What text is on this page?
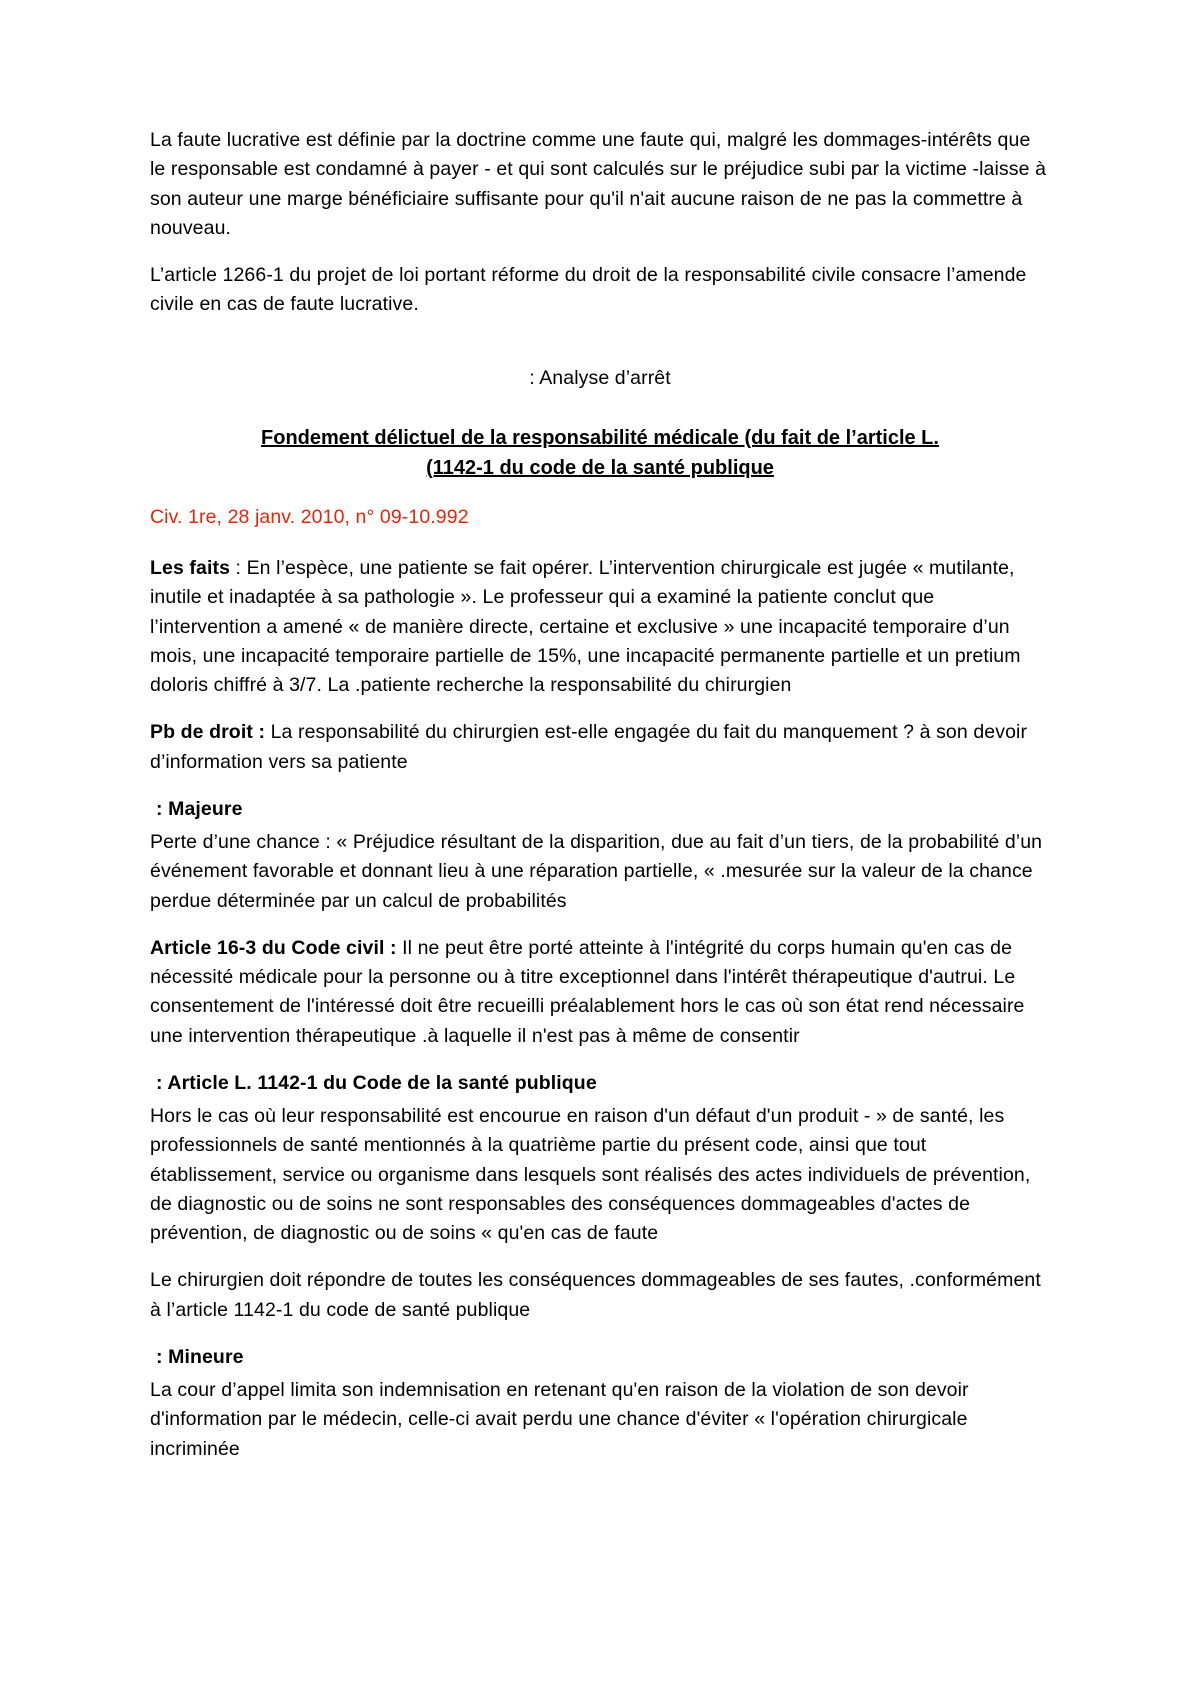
La faute lucrative est définie par la doctrine comme une faute qui, malgré les dommages-intérêts que le responsable est condamné à payer - et qui sont calculés sur le préjudice subi par la victime -laisse à son auteur une marge bénéficiaire suffisante pour qu'il n'ait aucune raison de ne pas la commettre à nouveau.

L’article 1266-1 du projet de loi portant réforme du droit de la responsabilité civile consacre l’amende civile en cas de faute lucrative.

: Analyse d’arrêt

Fondement délictuel de la responsabilité médicale (du fait de l’article L.
(1142-1 du code de la santé publique

Civ. 1re, 28 janv. 2010, n° 09-10.992

Les faits : En l’espèce, une patiente se fait opérer. L’intervention chirurgicale est jugée « mutilante, inutile et inadaptée à sa pathologie ». Le professeur qui a examiné la patiente conclut que l’intervention a amené « de manière directe, certaine et exclusive » une incapacité temporaire d’un mois, une incapacité temporaire partielle de 15%, une incapacité permanente partielle et un pretium doloris chiffré à 3/7. La .patiente recherche la responsabilité du chirurgien

Pb de droit : La responsabilité du chirurgien est-elle engagée du fait du manquement ? à son devoir d’information vers sa patiente

: Majeure

Perte d’une chance : « Préjudice résultant de la disparition, due au fait d’un tiers, de la probabilité d’un événement favorable et donnant lieu à une réparation partielle, « .mesurée sur la valeur de la chance perdue déterminée par un calcul de probabilités

Article 16-3 du Code civil : Il ne peut être porté atteinte à l'intégrité du corps humain qu'en cas de nécessité médicale pour la personne ou à titre exceptionnel dans l'intérêt thérapeutique d'autrui. Le consentement de l'intéressé doit être recueilli préalablement hors le cas où son état rend nécessaire une intervention thérapeutique .à laquelle il n'est pas à même de consentir

: Article L. 1142-1 du Code de la santé publique

Hors le cas où leur responsabilité est encourue en raison d'un défaut d'un produit - » de santé, les professionnels de santé mentionnés à la quatrième partie du présent code, ainsi que tout établissement, service ou organisme dans lesquels sont réalisés des actes individuels de prévention, de diagnostic ou de soins ne sont responsables des conséquences dommageables d'actes de prévention, de diagnostic ou de soins « qu'en cas de faute

Le chirurgien doit répondre de toutes les conséquences dommageables de ses fautes, .conformément à l’article 1142-1 du code de santé publique

: Mineure

La cour d’appel limita son indemnisation en retenant qu'en raison de la violation de son devoir d'information par le médecin, celle-ci avait perdu une chance d'éviter « l'opération chirurgicale incriminée
